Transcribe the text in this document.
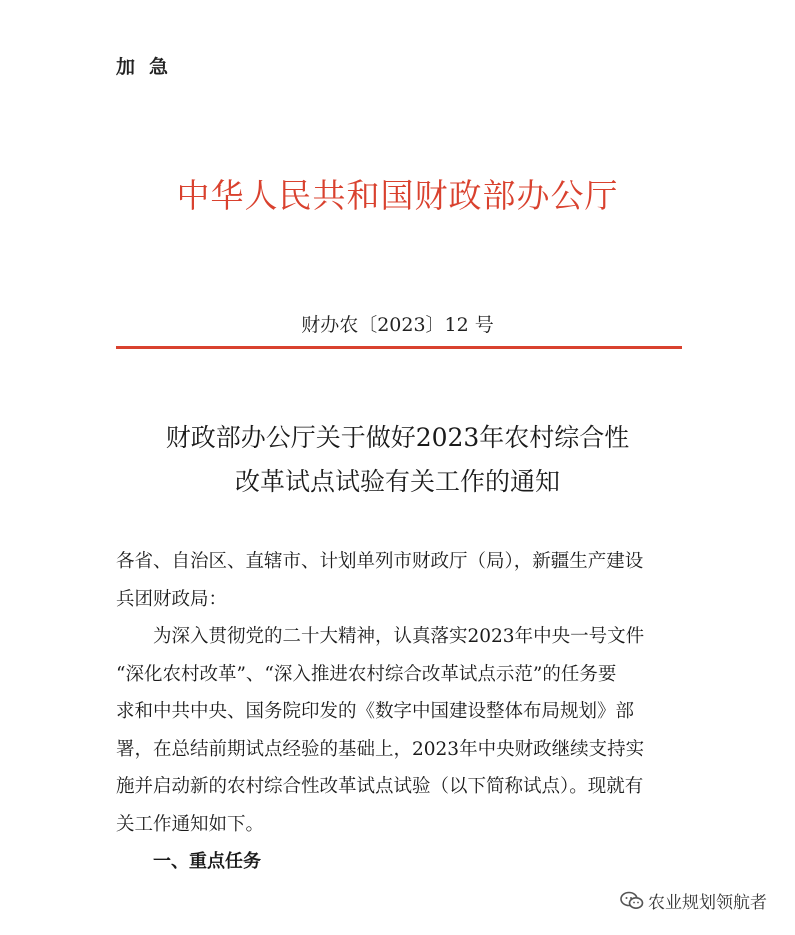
加急
中华人民共和国财政部办公厅
财办农〔2023〕12 号
财政部办公厅关于做好2023年农村综合性
改革试点试验有关工作的通知
各省、自治区、直辖市、计划单列市财政厅（局），新疆生产建设
兵团财政局：
为深入贯彻党的二十大精神，认真落实2023年中央一号文件
“深化农村改革”、“深入推进农村综合改革试点示范”的任务要
求和中共中央、国务院印发的《数字中国建设整体布局规划》部
署，在总结前期试点经验的基础上，2023年中央财政继续支持实
施并启动新的农村综合性改革试点试验（以下简称试点）。现就有
关工作通知如下。
一、重点任务
农业规划领航者
